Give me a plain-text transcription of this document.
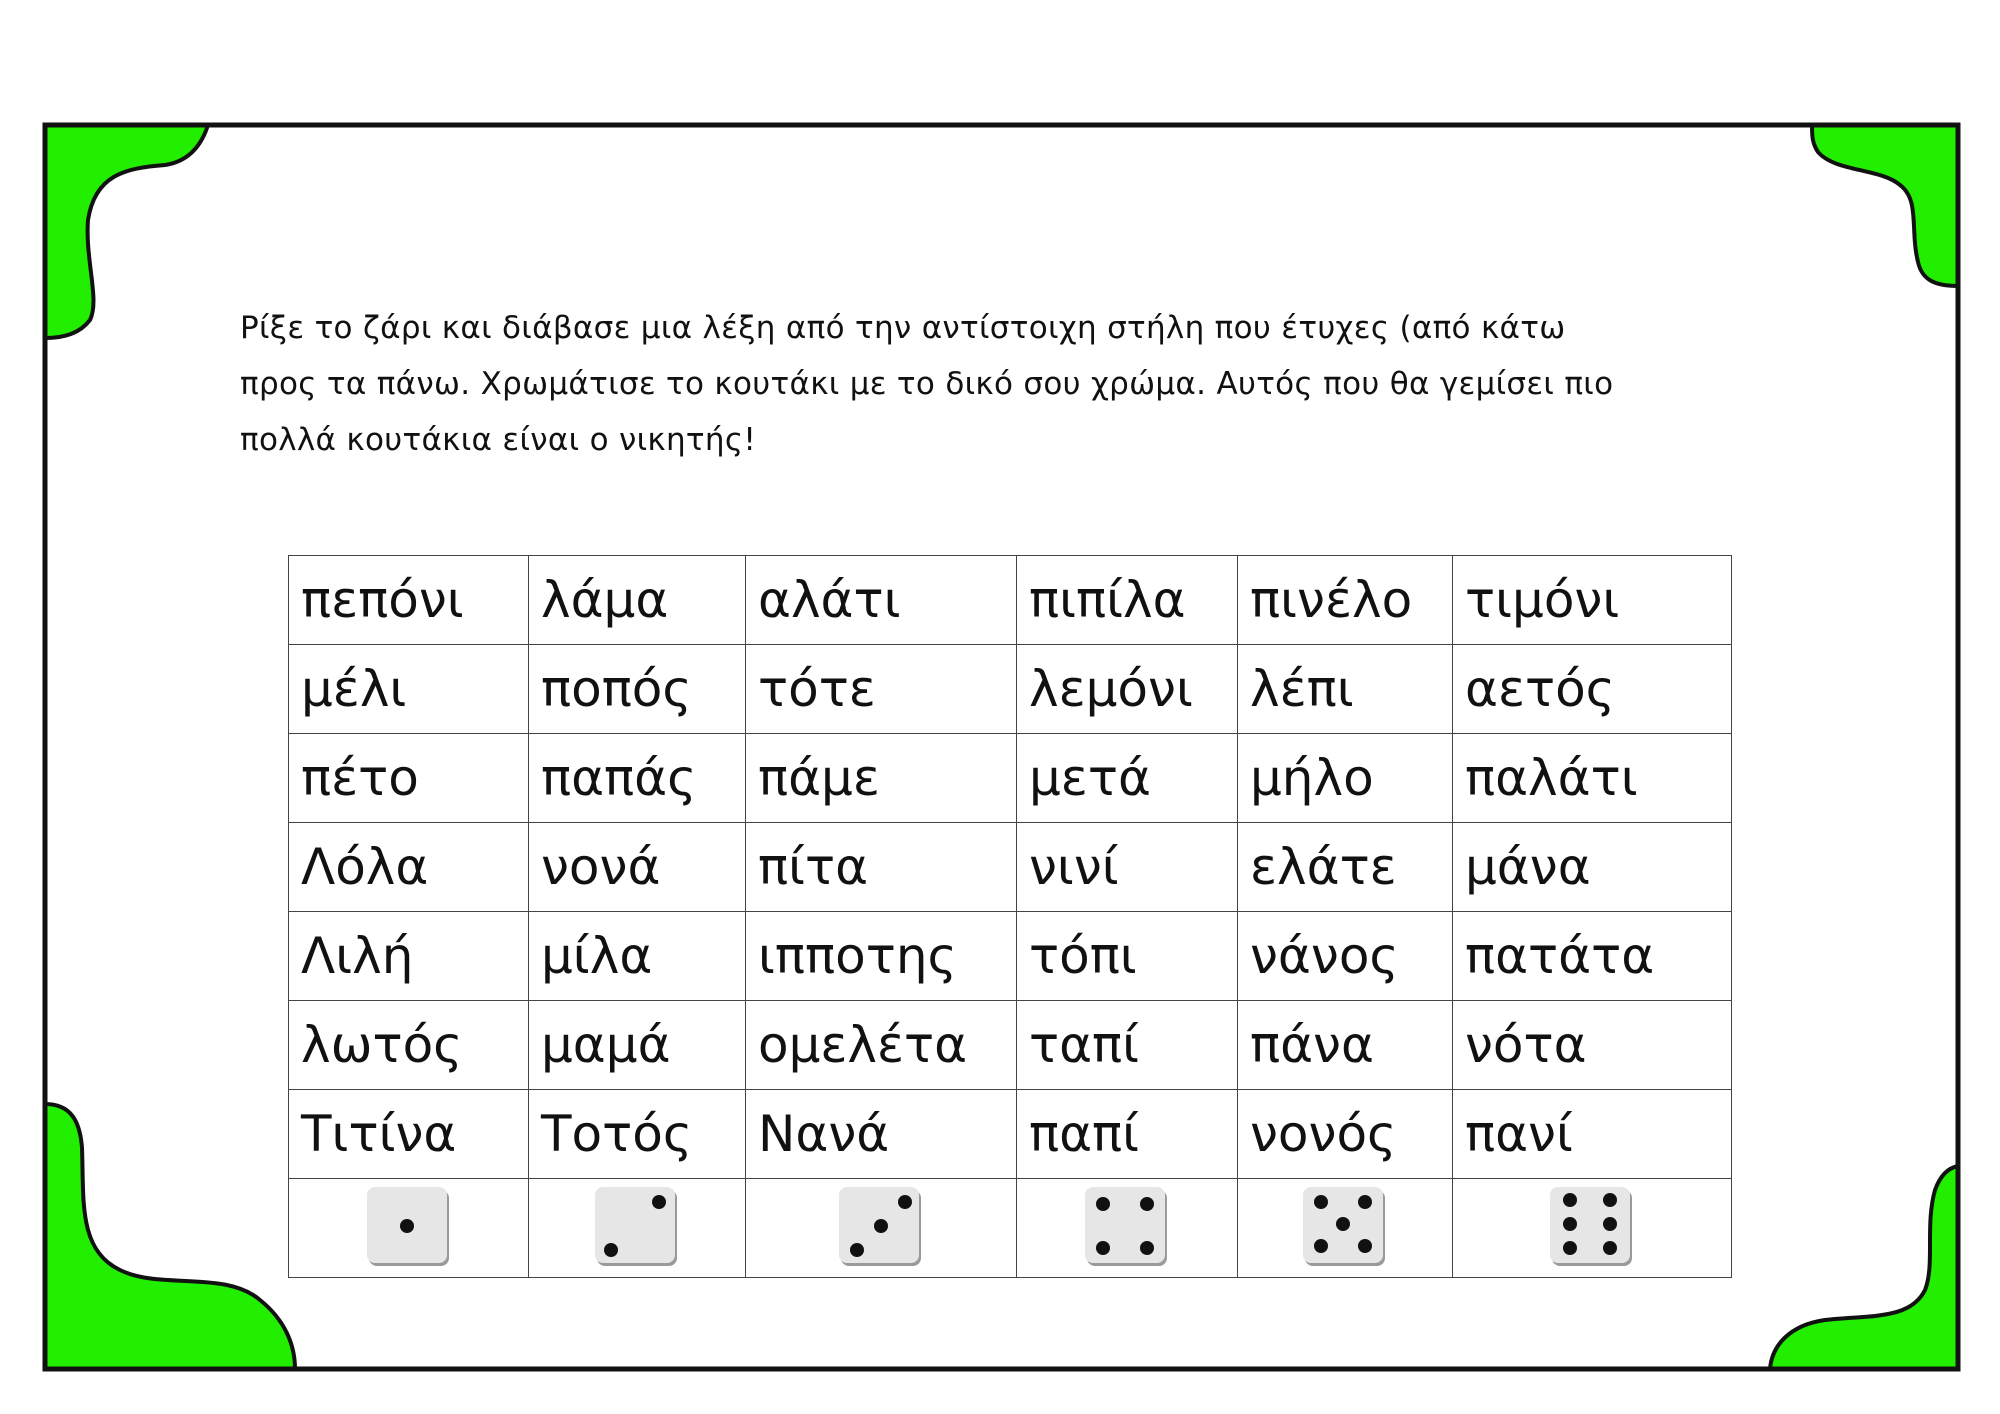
Ρίξε το ζάρι και διάβασε μια λέξη από την αντίστοιχη στήλη που έτυχες (από κάτω
προς τα πάνω. Χρωμάτισε το κουτάκι με το δικό σου χρώμα. Αυτός που θα γεμίσει πιο
πολλά κουτάκια είναι ο νικητής!
πεπόνι	λάμα	αλάτι	πιπίλα	πινέλο	τιμόνι
μέλι	ποπός	τότε	λεμόνι	λέπι	αετός
πέτο	παπάς	πάμε	μετά	μήλο	παλάτι
Λόλα	νονά	πίτα	νινί	ελάτε	μάνα
Λιλή	μίλα	ιπποτης	τόπι	νάνος	πατάτα
λωτός	μαμά	ομελέτα	ταπί	πάνα	νότα
Τιτίνα	Τοτός	Νανά	παπί	νονός	πανί
